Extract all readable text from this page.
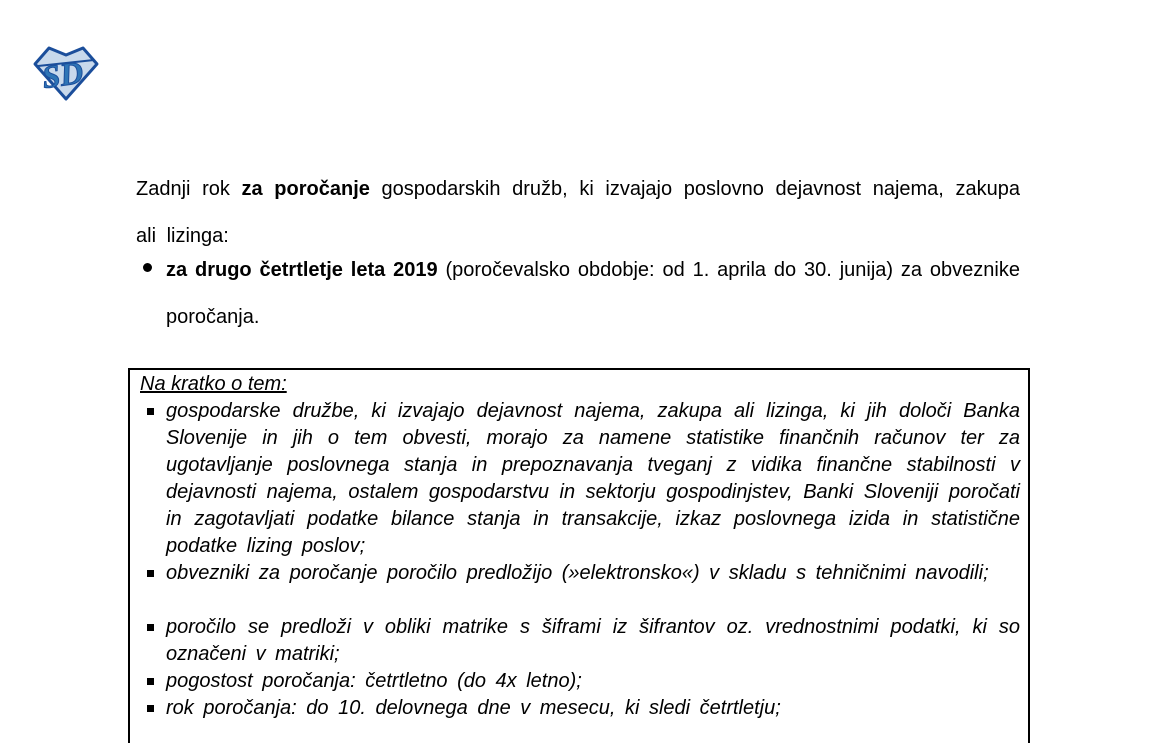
SD

Zadnji rok za poročanje gospodarskih družb, ki izvajajo poslovno dejavnost najema, zakupa ali lizinga:

za drugo četrtletje leta 2019 (poročevalsko obdobje: od 1. aprila do 30. junija) za obveznike poročanja.

Na kratko o tem:
gospodarske družbe, ki izvajajo dejavnost najema, zakupa ali lizinga, ki jih določi Banka Slovenije in jih o tem obvesti, morajo za namene statistike finančnih računov ter za ugotavljanje poslovnega stanja in prepoznavanja tveganj z vidika finančne stabilnosti v dejavnosti najema, ostalem gospodarstvu in sektorju gospodinjstev, Banki Sloveniji poročati in zagotavljati podatke bilance stanja in transakcije, izkaz poslovnega izida in statistične podatke lizing poslov;
obvezniki za poročanje poročilo predložijo (»elektronsko«) v skladu s tehničnimi navodili;
poročilo se predloži v obliki matrike s šiframi iz šifrantov oz. vrednostnimi podatki, ki so označeni v matriki;
pogostost poročanja: četrtletno (do 4x letno);
rok poročanja: do 10. delovnega dne v mesecu, ki sledi četrtletju;
